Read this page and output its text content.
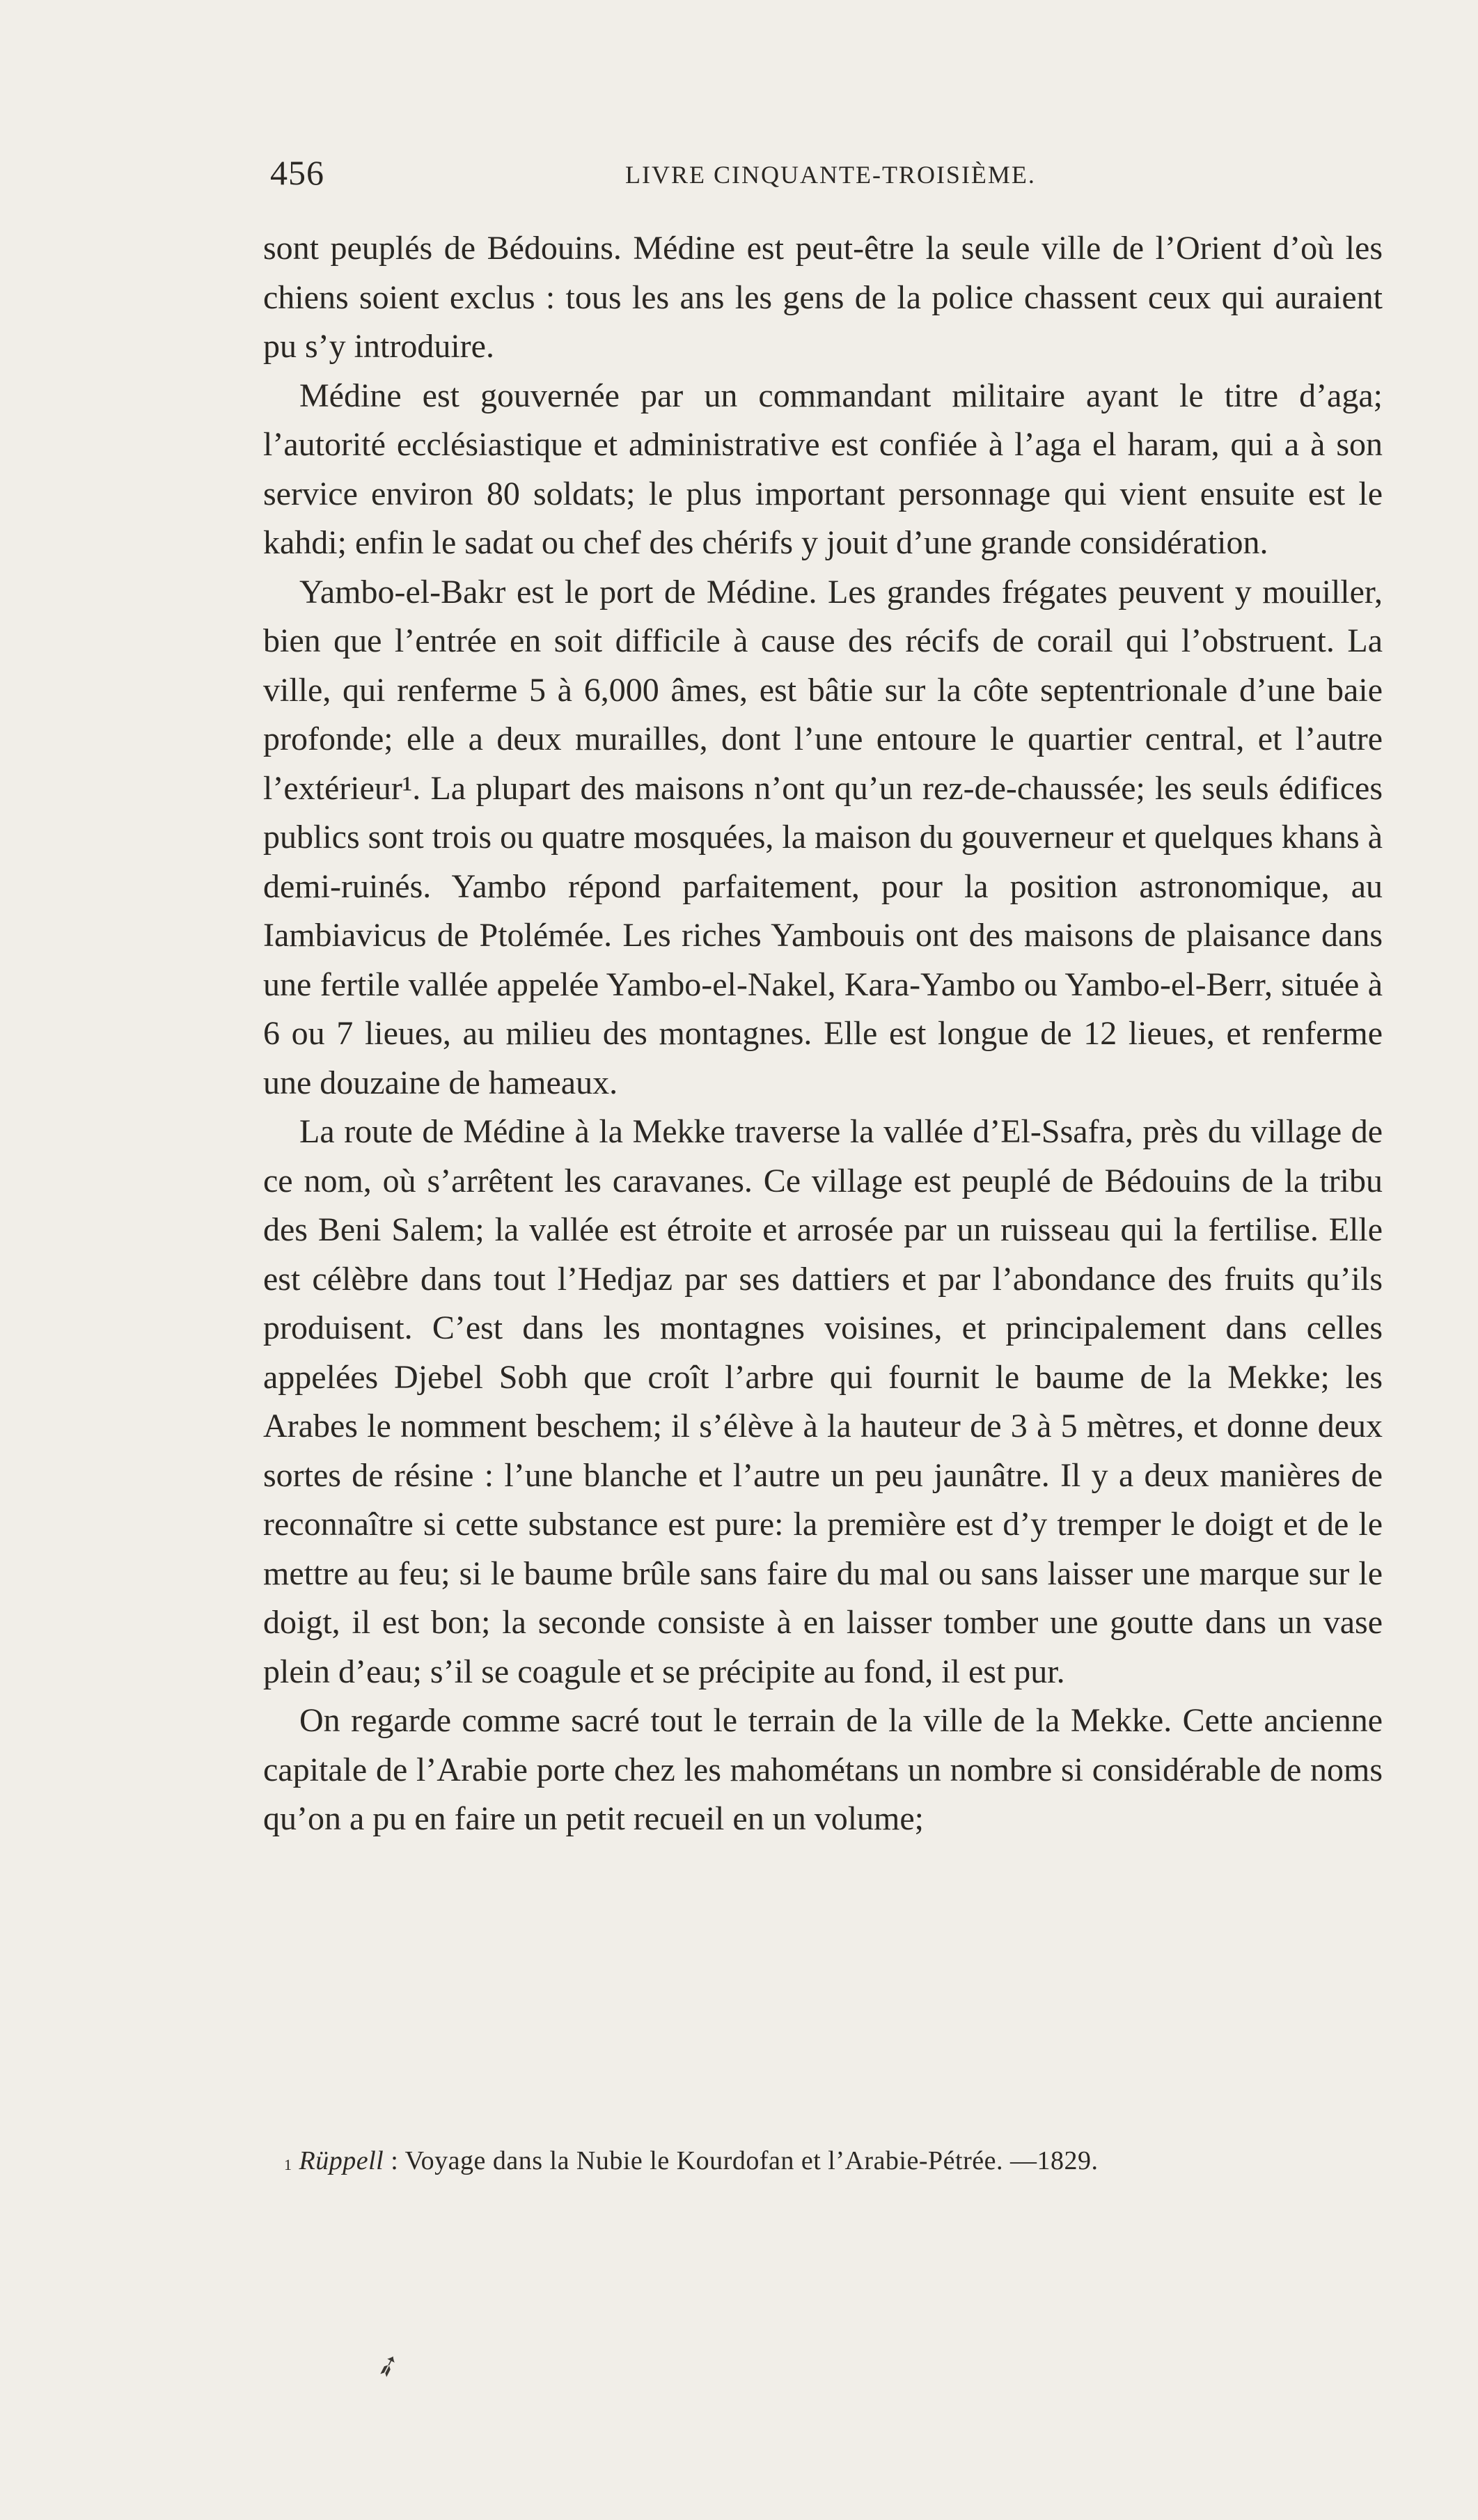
456	LIVRE CINQUANTE-TROISIÈME.

sont peuplés de Bédouins. Médine est peut-être la seule ville de l’Orient d’où les chiens soient exclus : tous les ans les gens de la police chassent ceux qui auraient pu s’y introduire.

Médine est gouvernée par un commandant militaire ayant le titre d’aga; l’autorité ecclésiastique et administrative est confiée à l’aga el haram, qui a à son service environ 80 soldats; le plus important personnage qui vient ensuite est le kahdi; enfin le sadat ou chef des chérifs y jouit d’une grande considération.

Yambo-el-Bakr est le port de Médine. Les grandes frégates peuvent y mouiller, bien que l’entrée en soit difficile à cause des récifs de corail qui l’obstruent. La ville, qui renferme 5 à 6,000 âmes, est bâtie sur la côte septentrionale d’une baie profonde; elle a deux murailles, dont l’une entoure le quartier central, et l’autre l’extérieur¹. La plupart des maisons n’ont qu’un rez-de-chaussée; les seuls édifices publics sont trois ou quatre mosquées, la maison du gouverneur et quelques khans à demi-ruinés. Yambo répond parfaitement, pour la position astronomique, au Iambiavicus de Ptolémée. Les riches Yambouis ont des maisons de plaisance dans une fertile vallée appelée Yambo-el-Nakel, Kara-Yambo ou Yambo-el-Berr, située à 6 ou 7 lieues, au milieu des montagnes. Elle est longue de 12 lieues, et renferme une douzaine de hameaux.

La route de Médine à la Mekke traverse la vallée d’El-Ssafra, près du village de ce nom, où s’arrêtent les caravanes. Ce village est peuplé de Bédouins de la tribu des Beni Salem; la vallée est étroite et arrosée par un ruisseau qui la fertilise. Elle est célèbre dans tout l’Hedjaz par ses dattiers et par l’abondance des fruits qu’ils produisent. C’est dans les montagnes voisines, et principalement dans celles appelées Djebel Sobh que croît l’arbre qui fournit le baume de la Mekke; les Arabes le nomment beschem; il s’élève à la hauteur de 3 à 5 mètres, et donne deux sortes de résine : l’une blanche et l’autre un peu jaunâtre. Il y a deux manières de reconnaître si cette substance est pure: la première est d’y tremper le doigt et de le mettre au feu; si le baume brûle sans faire du mal ou sans laisser une marque sur le doigt, il est bon; la seconde consiste à en laisser tomber une goutte dans un vase plein d’eau; s’il se coagule et se précipite au fond, il est pur.

On regarde comme sacré tout le terrain de la ville de la Mekke. Cette ancienne capitale de l’Arabie porte chez les mahométans un nombre si considérable de noms qu’on a pu en faire un petit recueil en un volume;

$^1$ Rüppell : Voyage dans la Nubie le Kourdofan et l’Arabie-Pétrée. —1829.
➶
